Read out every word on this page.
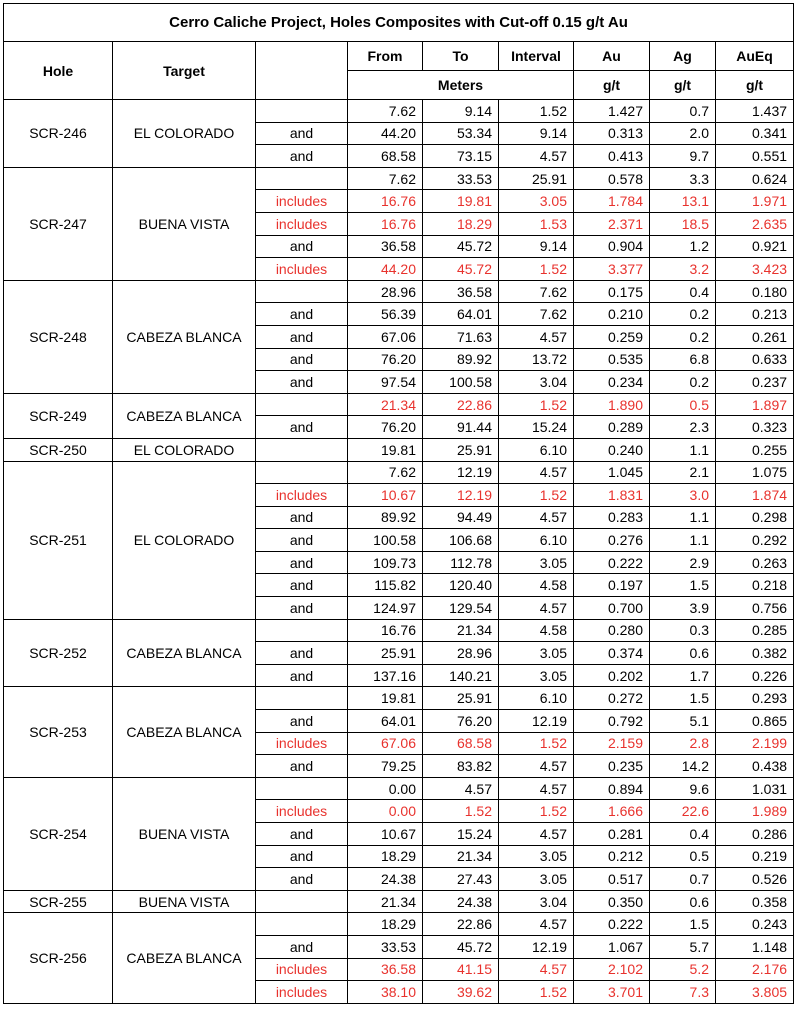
Cerro Caliche Project, Holes Composites with Cut-off 0.15 g/t Au								
Hole	Target		From	To	Interval	Au	Ag	AuEq
			Meters			g/t	g/t	g/t
SCR-246	EL COLORADO		7.62	9.14	1.52	1.427	0.7	1.437
		and	44.20	53.34	9.14	0.313	2.0	0.341
		and	68.58	73.15	4.57	0.413	9.7	0.551
SCR-247	BUENA VISTA		7.62	33.53	25.91	0.578	3.3	0.624
		includes	16.76	19.81	3.05	1.784	13.1	1.971
		includes	16.76	18.29	1.53	2.371	18.5	2.635
		and	36.58	45.72	9.14	0.904	1.2	0.921
		includes	44.20	45.72	1.52	3.377	3.2	3.423
SCR-248	CABEZA BLANCA		28.96	36.58	7.62	0.175	0.4	0.180
		and	56.39	64.01	7.62	0.210	0.2	0.213
		and	67.06	71.63	4.57	0.259	0.2	0.261
		and	76.20	89.92	13.72	0.535	6.8	0.633
		and	97.54	100.58	3.04	0.234	0.2	0.237
SCR-249	CABEZA BLANCA		21.34	22.86	1.52	1.890	0.5	1.897
		and	76.20	91.44	15.24	0.289	2.3	0.323
SCR-250	EL COLORADO		19.81	25.91	6.10	0.240	1.1	0.255
SCR-251	EL COLORADO		7.62	12.19	4.57	1.045	2.1	1.075
		includes	10.67	12.19	1.52	1.831	3.0	1.874
		and	89.92	94.49	4.57	0.283	1.1	0.298
		and	100.58	106.68	6.10	0.276	1.1	0.292
		and	109.73	112.78	3.05	0.222	2.9	0.263
		and	115.82	120.40	4.58	0.197	1.5	0.218
		and	124.97	129.54	4.57	0.700	3.9	0.756
SCR-252	CABEZA BLANCA		16.76	21.34	4.58	0.280	0.3	0.285
		and	25.91	28.96	3.05	0.374	0.6	0.382
		and	137.16	140.21	3.05	0.202	1.7	0.226
SCR-253	CABEZA BLANCA		19.81	25.91	6.10	0.272	1.5	0.293
		and	64.01	76.20	12.19	0.792	5.1	0.865
		includes	67.06	68.58	1.52	2.159	2.8	2.199
		and	79.25	83.82	4.57	0.235	14.2	0.438
SCR-254	BUENA VISTA		0.00	4.57	4.57	0.894	9.6	1.031
		includes	0.00	1.52	1.52	1.666	22.6	1.989
		and	10.67	15.24	4.57	0.281	0.4	0.286
		and	18.29	21.34	3.05	0.212	0.5	0.219
		and	24.38	27.43	3.05	0.517	0.7	0.526
SCR-255	BUENA VISTA		21.34	24.38	3.04	0.350	0.6	0.358
SCR-256	CABEZA BLANCA		18.29	22.86	4.57	0.222	1.5	0.243
		and	33.53	45.72	12.19	1.067	5.7	1.148
		includes	36.58	41.15	4.57	2.102	5.2	2.176
		includes	38.10	39.62	1.52	3.701	7.3	3.805
